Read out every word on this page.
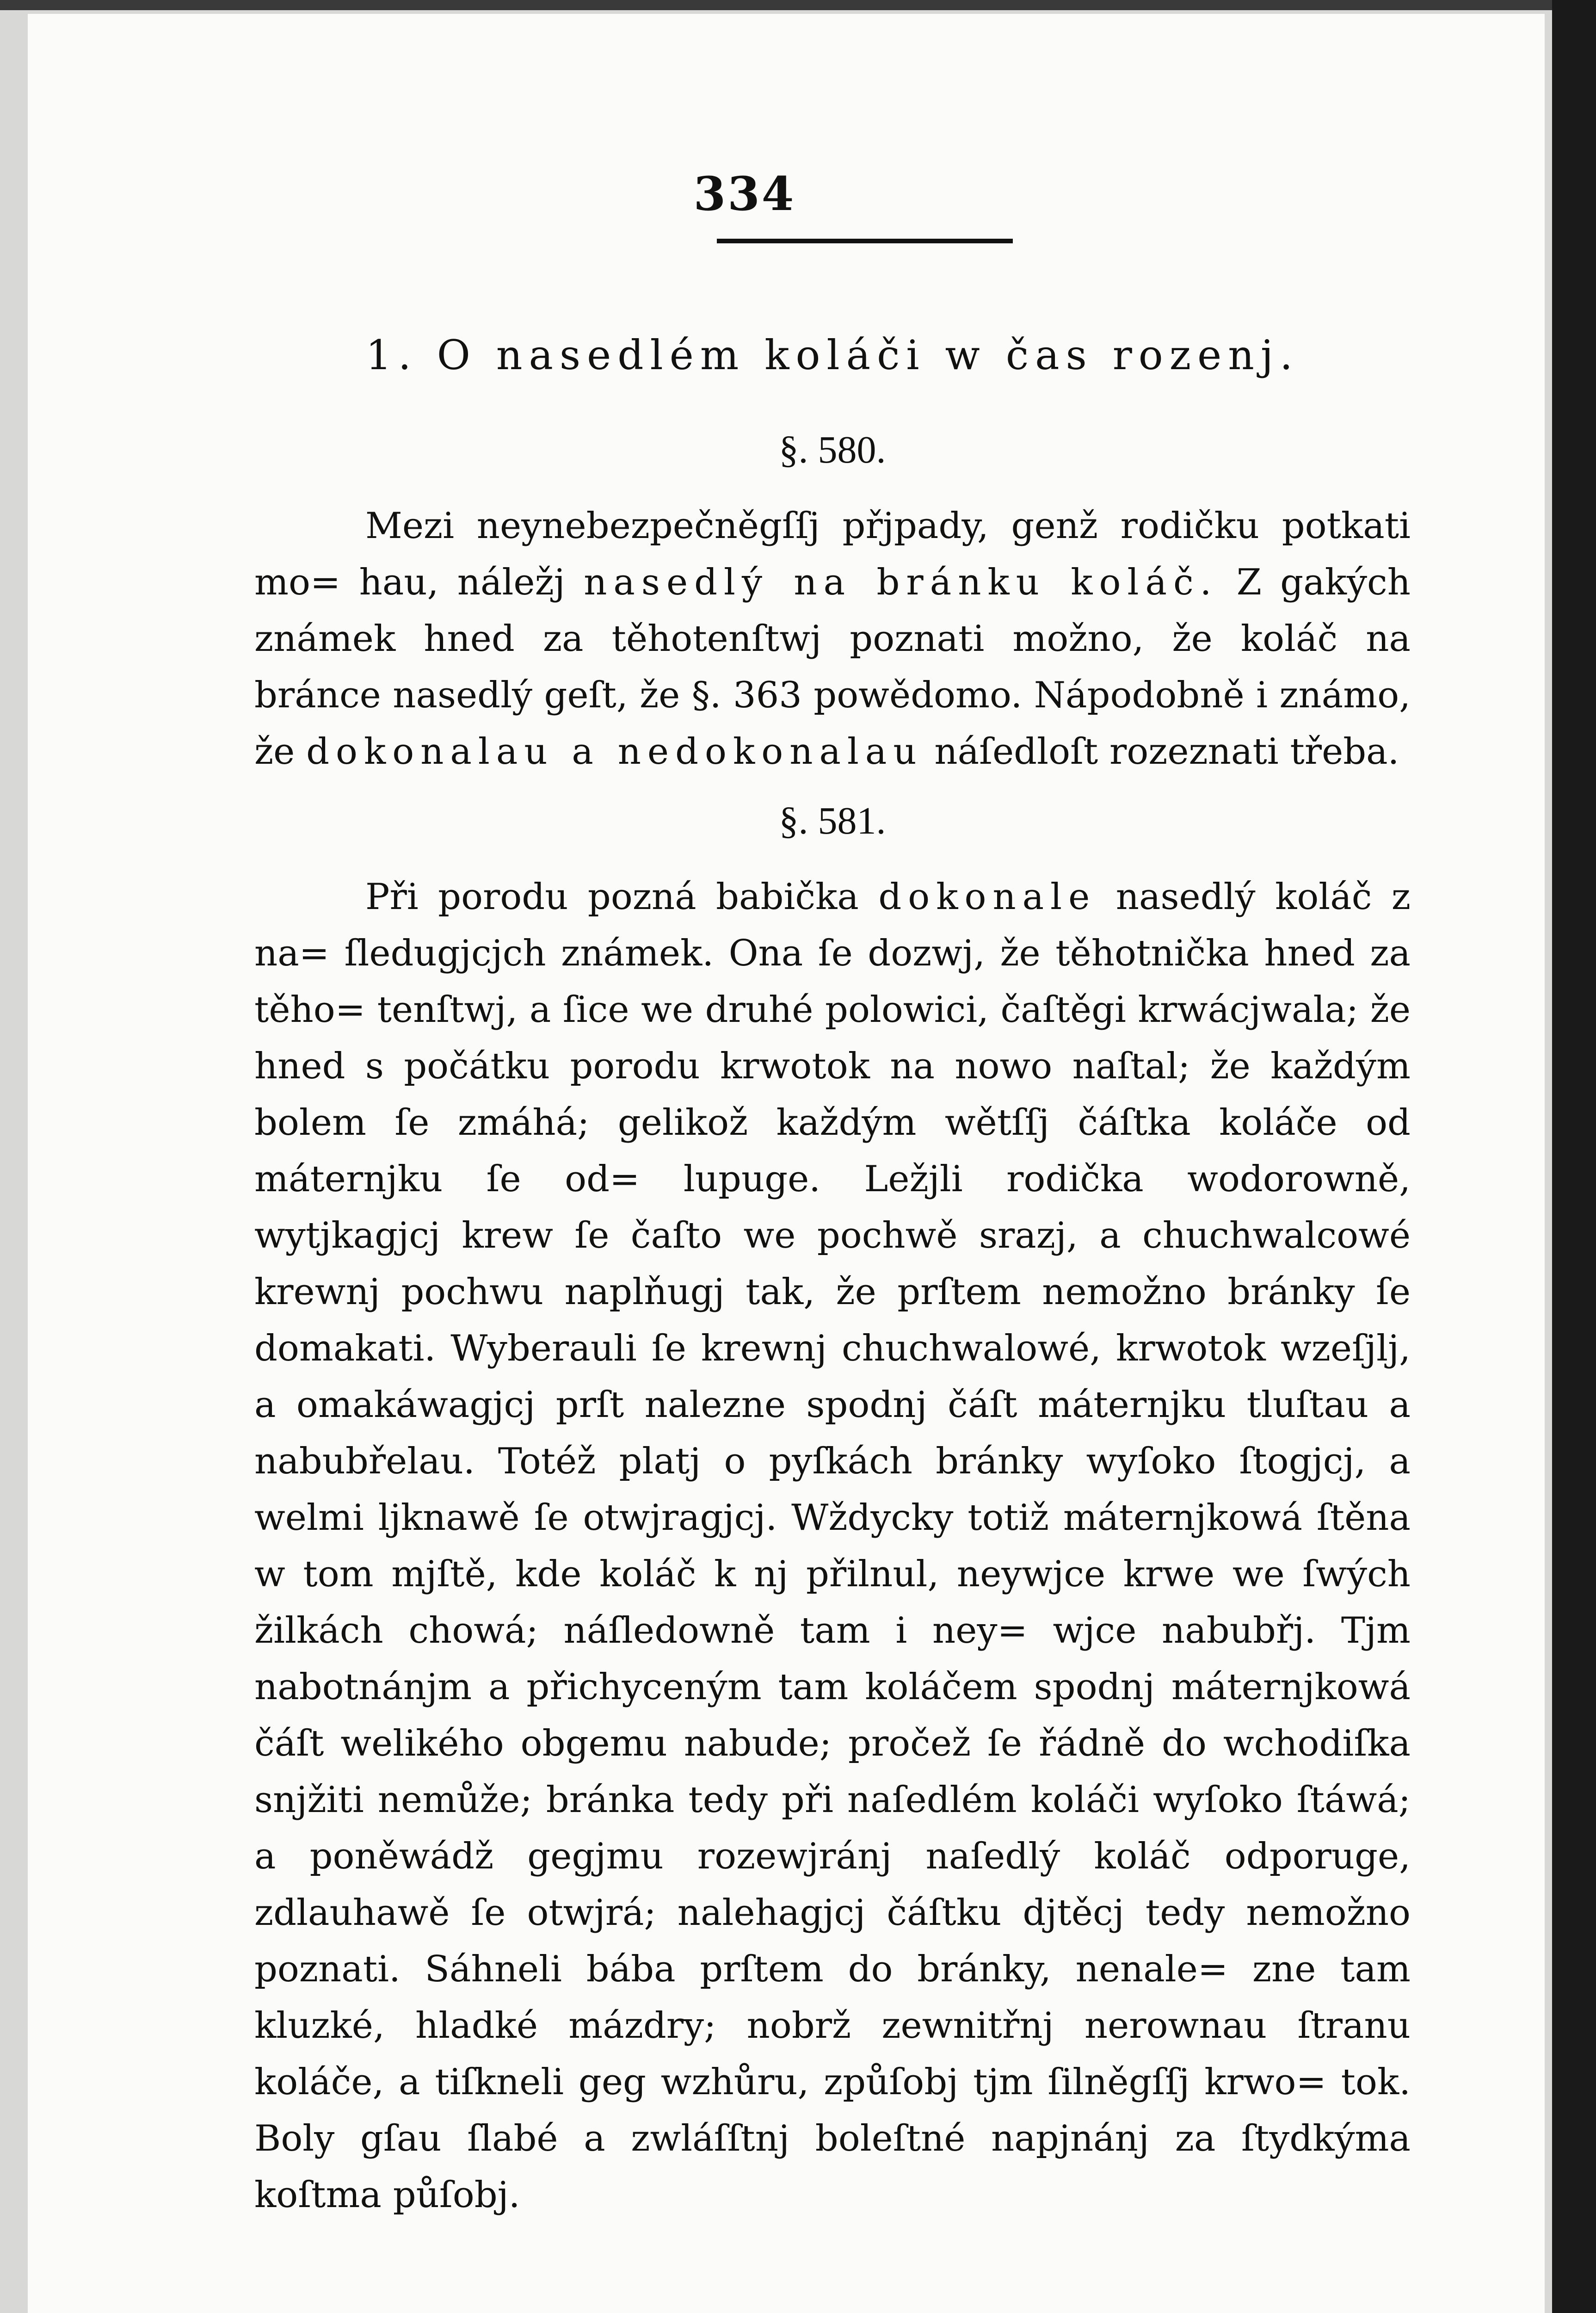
334
1. O nasedlém koláči w čas rozenj.
§. 580.

Mezi neynebezpečněgſſj přjpady, genž rodičku potkati mo= hau, náležj nasedlý na bránku koláč. Z gakých známek hned za těhotenſtwj poznati možno, že koláč na bránce nasedlý geſt, že §. 363 powědomo. Nápodobně i známo, že dokonalau a nedokonalau náſedloſt rozeznati třeba.

§. 581.

Při porodu pozná babička dokonale nasedlý koláč z na= ſledugjcjch známek. Ona ſe dozwj, že těhotnička hned za těho= tenſtwj, a ſice we druhé polowici, čaſtěgi krwácjwala; že hned s počátku porodu krwotok na nowo naſtal; že každým bolem ſe zmáhá; gelikož každým wětſſj čáſtka koláče od máternjku ſe od= lupuge. Ležjli rodička wodorowně, wytjkagjcj krew ſe čaſto we pochwě srazj, a chuchwalcowé krewnj pochwu naplňugj tak, že prſtem nemožno bránky ſe domakati. Wyberauli ſe krewnj chuchwalowé, krwotok wzeſjlj, a omakáwagjcj prſt nalezne spodnj čáſt máternjku tluſtau a nabubřelau. Totéž platj o pyſkách bránky wyſoko ſtogjcj, a welmi lјknawě ſe otwjragjcj. Wždycky totiž máternjkowá ſtěna w tom mjſtě, kde koláč k nj přilnul, neywjce krwe we ſwých žilkách chowá; náſledowně tam i ney= wjce nabubřj. Tjm nabotnánjm a přichyceným tam koláčem spodnj máternjkowá čáſt welikého obgemu nabude; pročež ſe řádně do wchodiſka snjžiti nemůže; bránka tedy při naſedlém koláči wyſoko ſtáwá; a poněwádž gegjmu rozewjránj naſedlý koláč odporuge, zdlauhawě ſe otwjrá; nalehagjcj čáſtku djtěcj tedy nemožno poznati. Sáhneli bába prſtem do bránky, nenale= zne tam kluzké, hladké mázdry; nobrž zewnitřnj nerownau ſtranu koláče, a tiſkneli geg wzhůru, způſobj tjm ſilněgſſj krwo= tok. Boly gſau ſlabé a zwláſſtnj boleſtné napjnánj za ſtydkýma koſtma půſobj.
